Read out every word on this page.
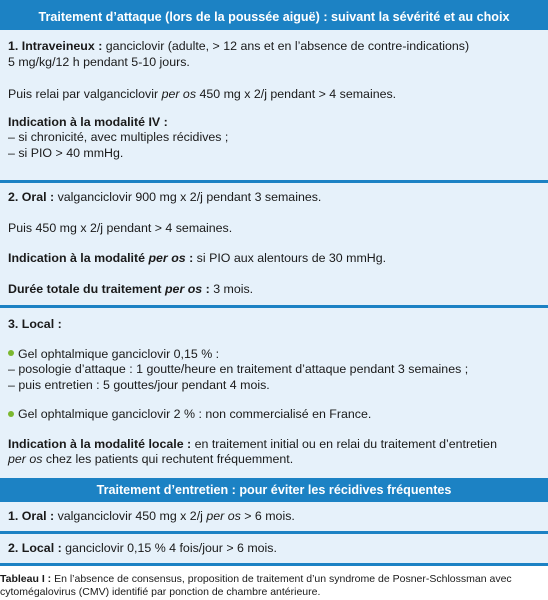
Traitement d’attaque (lors de la poussée aiguë) : suivant la sévérité et au choix

1. Intraveineux : ganciclovir (adulte, > 12 ans et en l’absence de contre-indications)

5 mg/kg/12 h pendant 5-10 jours.

Puis relai par valganciclovir per os 450 mg x 2/j pendant > 4 semaines.

Indication à la modalité IV :

– si chronicité, avec multiples récidives ;

– si PIO > 40 mmHg.

2. Oral : valganciclovir 900 mg x 2/j pendant 3 semaines.

Puis 450 mg x 2/j pendant > 4 semaines.

Indication à la modalité per os : si PIO aux alentours de 30 mmHg.

Durée totale du traitement per os : 3 mois.

3. Local :

Gel ophtalmique ganciclovir 0,15 % :

– posologie d’attaque : 1 goutte/heure en traitement d’attaque pendant 3 semaines ;

– puis entretien : 5 gouttes/jour pendant 4 mois.

Gel ophtalmique ganciclovir 2 % : non commercialisé en France.

Indication à la modalité locale : en traitement initial ou en relai du traitement d’entretien

per os chez les patients qui rechutent fréquemment.

Traitement d’entretien : pour éviter les récidives fréquentes

1. Oral : valganciclovir 450 mg x 2/j per os > 6 mois.

2. Local : ganciclovir 0,15 % 4 fois/jour > 6 mois.

Tableau I : En l’absence de consensus, proposition de traitement d’un syndrome de Posner-Schlossman avec
cytomégalovirus (CMV) identifié par ponction de chambre antérieure.
